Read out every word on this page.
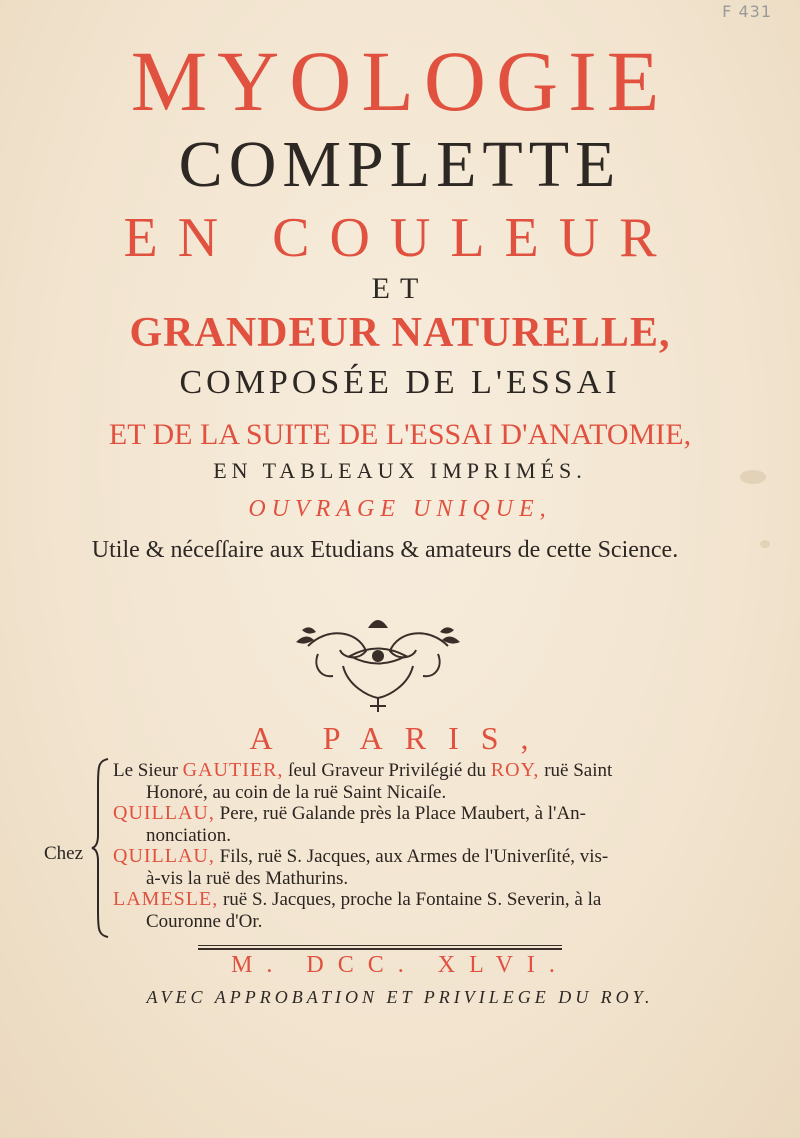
F 431
MYOLOGIE
COMPLETTE
EN COULEUR
ET
GRANDEUR NATURELLE,
COMPOSÉE DE L'ESSAI
ET DE LA SUITE DE L'ESSAI D'ANATOMIE,
EN TABLEAUX IMPRIMÉS.
OUVRAGE UNIQUE,
Utile & néceſſaire aux Etudians & amateurs de cette Science.
A PARIS,
Chez
Le Sieur GAUTIER, ſeul Graveur Privilégié du ROY, ruë Saint
Honoré, au coin de la ruë Saint Nicaiſe.
QUILLAU, Pere, ruë Galande près la Place Maubert, à l'An-
nonciation.
QUILLAU, Fils, ruë S. Jacques, aux Armes de l'Univerſité, vis-
à-vis la ruë des Mathurins.
LAMESLE, ruë S. Jacques, proche la Fontaine S. Severin, à la
Couronne d'Or.
M. DCC. XLVI.
AVEC APPROBATION ET PRIVILEGE DU ROY.
